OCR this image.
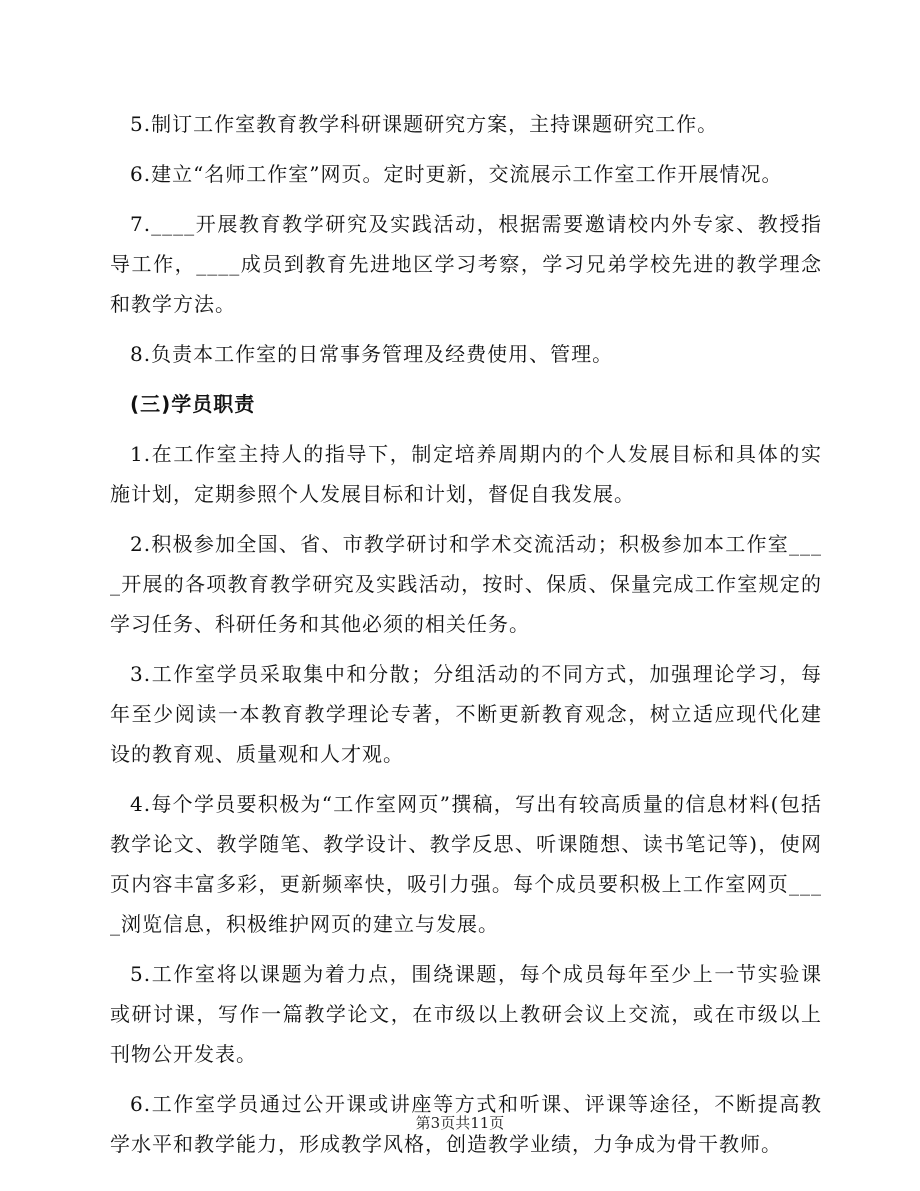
5.制订工作室教育教学科研课题研究方案，主持课题研究工作。

6.建立“名师工作室”网页。定时更新，交流展示工作室工作开展情况。

7.____开展教育教学研究及实践活动，根据需要邀请校内外专家、教授指导工作，____成员到教育先进地区学习考察，学习兄弟学校先进的教学理念和教学方法。

8.负责本工作室的日常事务管理及经费使用、管理。

(三)学员职责

1.在工作室主持人的指导下，制定培养周期内的个人发展目标和具体的实施计划，定期参照个人发展目标和计划，督促自我发展。

2.积极参加全国、省、市教学研讨和学术交流活动；积极参加本工作室____开展的各项教育教学研究及实践活动，按时、保质、保量完成工作室规定的学习任务、科研任务和其他必须的相关任务。

3.工作室学员采取集中和分散；分组活动的不同方式，加强理论学习，每年至少阅读一本教育教学理论专著，不断更新教育观念，树立适应现代化建设的教育观、质量观和人才观。

4.每个学员要积极为“工作室网页”撰稿，写出有较高质量的信息材料(包括教学论文、教学随笔、教学设计、教学反思、听课随想、读书笔记等)，使网页内容丰富多彩，更新频率快，吸引力强。每个成员要积极上工作室网页____浏览信息，积极维护网页的建立与发展。

5.工作室将以课题为着力点，围绕课题，每个成员每年至少上一节实验课或研讨课，写作一篇教学论文，在市级以上教研会议上交流，或在市级以上刊物公开发表。

6.工作室学员通过公开课或讲座等方式和听课、评课等途径，不断提高教学水平和教学能力，形成教学风格，创造教学业绩，力争成为骨干教师。

第3页共11页
